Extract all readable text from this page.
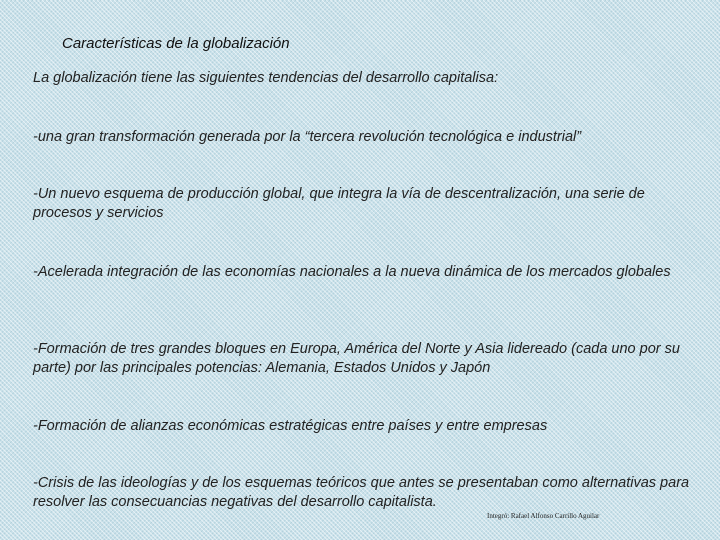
Características de la globalización

La globalización tiene las siguientes tendencias del desarrollo capitalisa:

-una gran transformación generada por la “tercera revolución tecnológica e industrial”

-Un nuevo esquema de producción global, que integra la vía de descentralización, una serie de procesos y servicios

-Acelerada integración de las economías nacionales a la nueva dinámica de los mercados globales

-Formación de tres grandes bloques en Europa, América del Norte y Asia lidereado (cada uno por su parte) por las principales potencias: Alemania, Estados Unidos y Japón

-Formación de alianzas económicas estratégicas entre países y entre empresas

-Crisis de las ideologías y de los esquemas teóricos que antes se presentaban como alternativas para resolver las consecuancias negativas del desarrollo capitalista.

Integró: Rafael Alfonso Carrillo Aguilar
